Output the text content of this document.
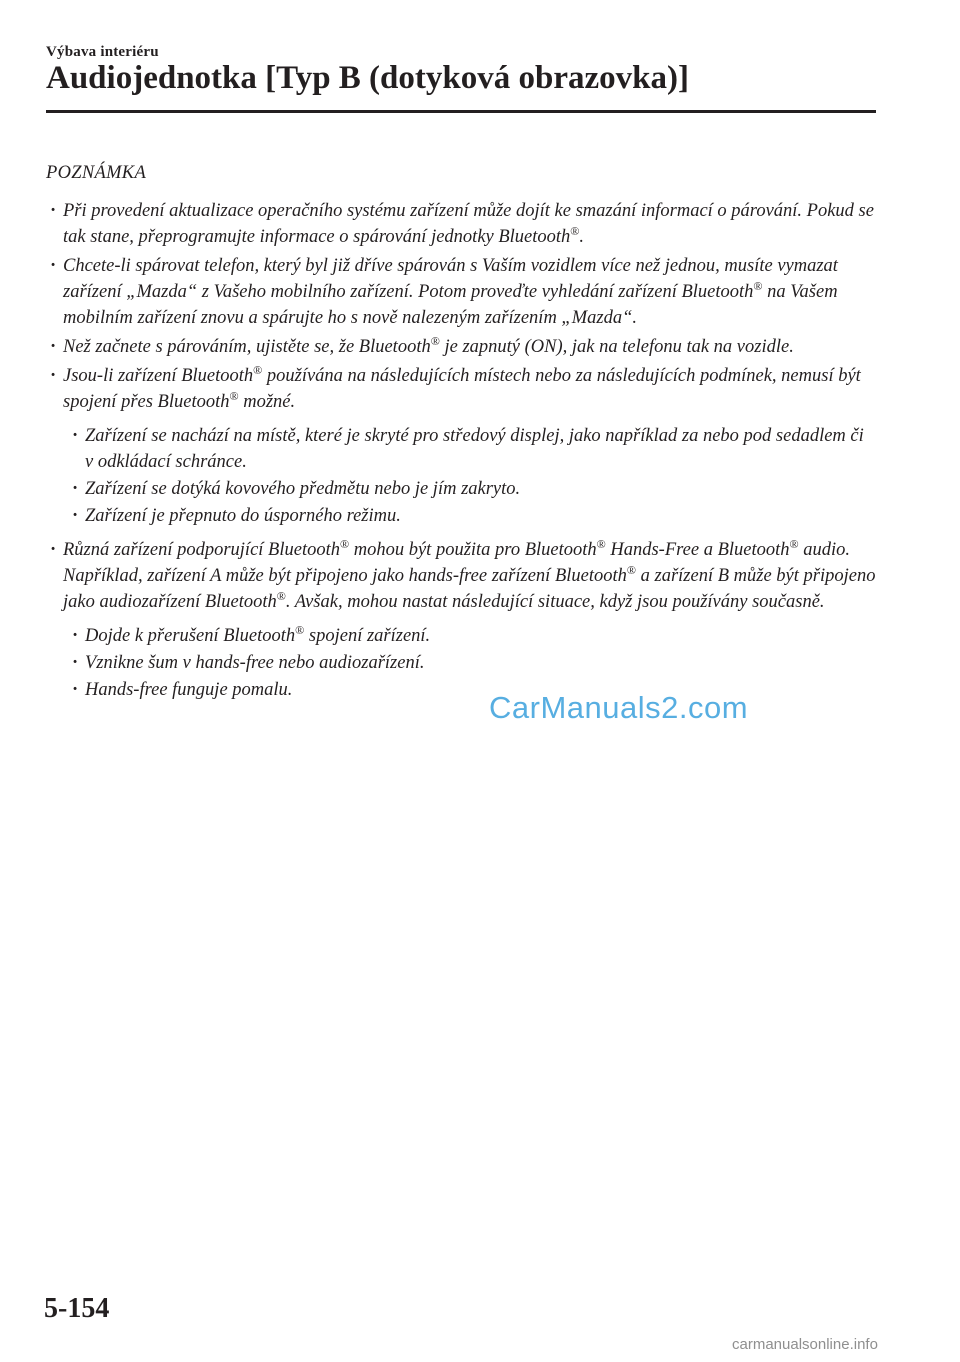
Výbava interiéru
Audiojednotka [Typ B (dotyková obrazovka)]
POZNÁMKA
· Při provedení aktualizace operačního systému zařízení může dojít ke smazání informací o párování. Pokud se tak stane, přeprogramujte informace o spárování jednotky Bluetooth®.
· Chcete-li spárovat telefon, který byl již dříve spárován s Vaším vozidlem více než jednou, musíte vymazat zařízení „Mazda“ z Vašeho mobilního zařízení. Potom proveďte vyhledání zařízení Bluetooth® na Vašem mobilním zařízení znovu a spárujte ho s nově nalezeným zařízením „Mazda“.
· Než začnete s párováním, ujistěte se, že Bluetooth® je zapnutý (ON), jak na telefonu tak na vozidle.
· Jsou-li zařízení Bluetooth® používána na následujících místech nebo za následujících podmínek, nemusí být spojení přes Bluetooth® možné.
· Zařízení se nachází na místě, které je skryté pro středový displej, jako například za nebo pod sedadlem či v odkládací schránce.
· Zařízení se dotýká kovového předmětu nebo je jím zakryto.
· Zařízení je přepnuto do úsporného režimu.
· Různá zařízení podporující Bluetooth® mohou být použita pro Bluetooth® Hands-Free a Bluetooth® audio. Například, zařízení A může být připojeno jako hands-free zařízení Bluetooth® a zařízení B může být připojeno jako audiozařízení Bluetooth®. Avšak, mohou nastat následující situace, když jsou používány současně.
· Dojde k přerušení Bluetooth® spojení zařízení.
· Vznikne šum v hands-free nebo audiozařízení.
· Hands-free funguje pomalu.	CarManuals2.com
5-154
carmanualsonline.info
